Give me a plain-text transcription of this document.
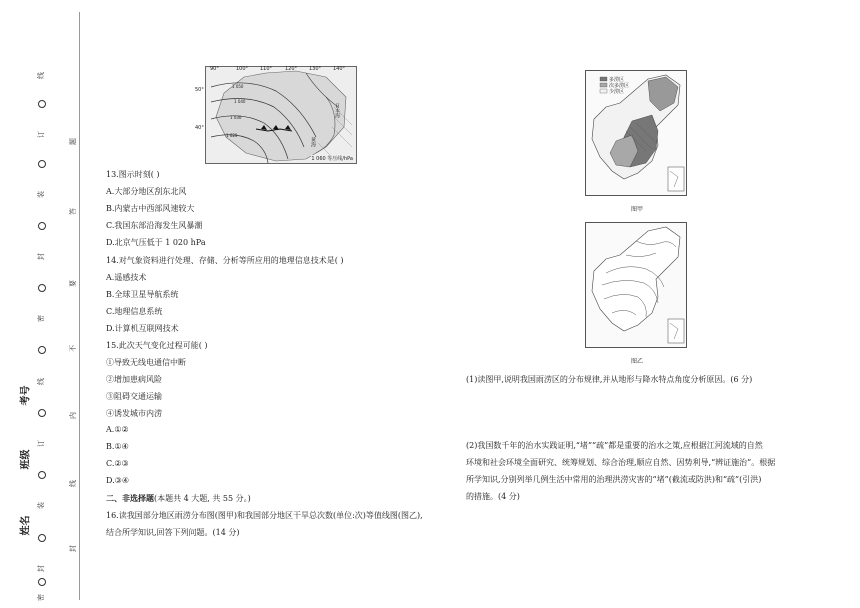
线
订
装
封
密
线
订
装
封
密
题
答
要
不
内
线
封
考号
班级
姓名
90°	100° 110°	120° 130° 140°
50°
40°
1 050
1 040
1 030
1 020
日本海
黄海
1 060 等压线/hPa
13.图示时刻( )
A.大部分地区刮东北风
B.内蒙古中西部风速较大
C.我国东部沿海发生风暴潮
D.北京气压低于 1 020 hPa
14.对气象资料进行处理、存储、分析等所应用的地理信息技术是( )
A.遥感技术
B.全球卫星导航系统
C.地理信息系统
D.计算机互联网技术
15.此次天气变化过程可能( )
①导致无线电通信中断
②增加患病风险
③阻碍交通运输
④诱发城市内涝
A.①②
B.①④
C.②③
D.③④
二、非选择题(本题共 4 大题, 共 55 分。)
16.读我国部分地区雨涝分布图(图甲)和我国部分地区干旱总次数(单位:次)等值线图(图乙),
结合所学知识,回答下列问题。(14 分)
多涝区
次多涝区
少涝区
图甲
图乙
(1)读图甲,说明我国雨涝区的分布规律,并从地形与降水特点角度分析原因。(6 分)
(2)我国数千年的治水实践证明,“堵”“疏”都是重要的治水之策,应根据江河流域的自然
环境和社会环境全面研究、统筹规划、综合治理,顺应自然、因势利导,“辨证施治”。根据
所学知识,分别列举几例生活中常用的治理洪涝灾害的“堵”(截流或防洪)和“疏”(引洪)
的措施。(4 分)
